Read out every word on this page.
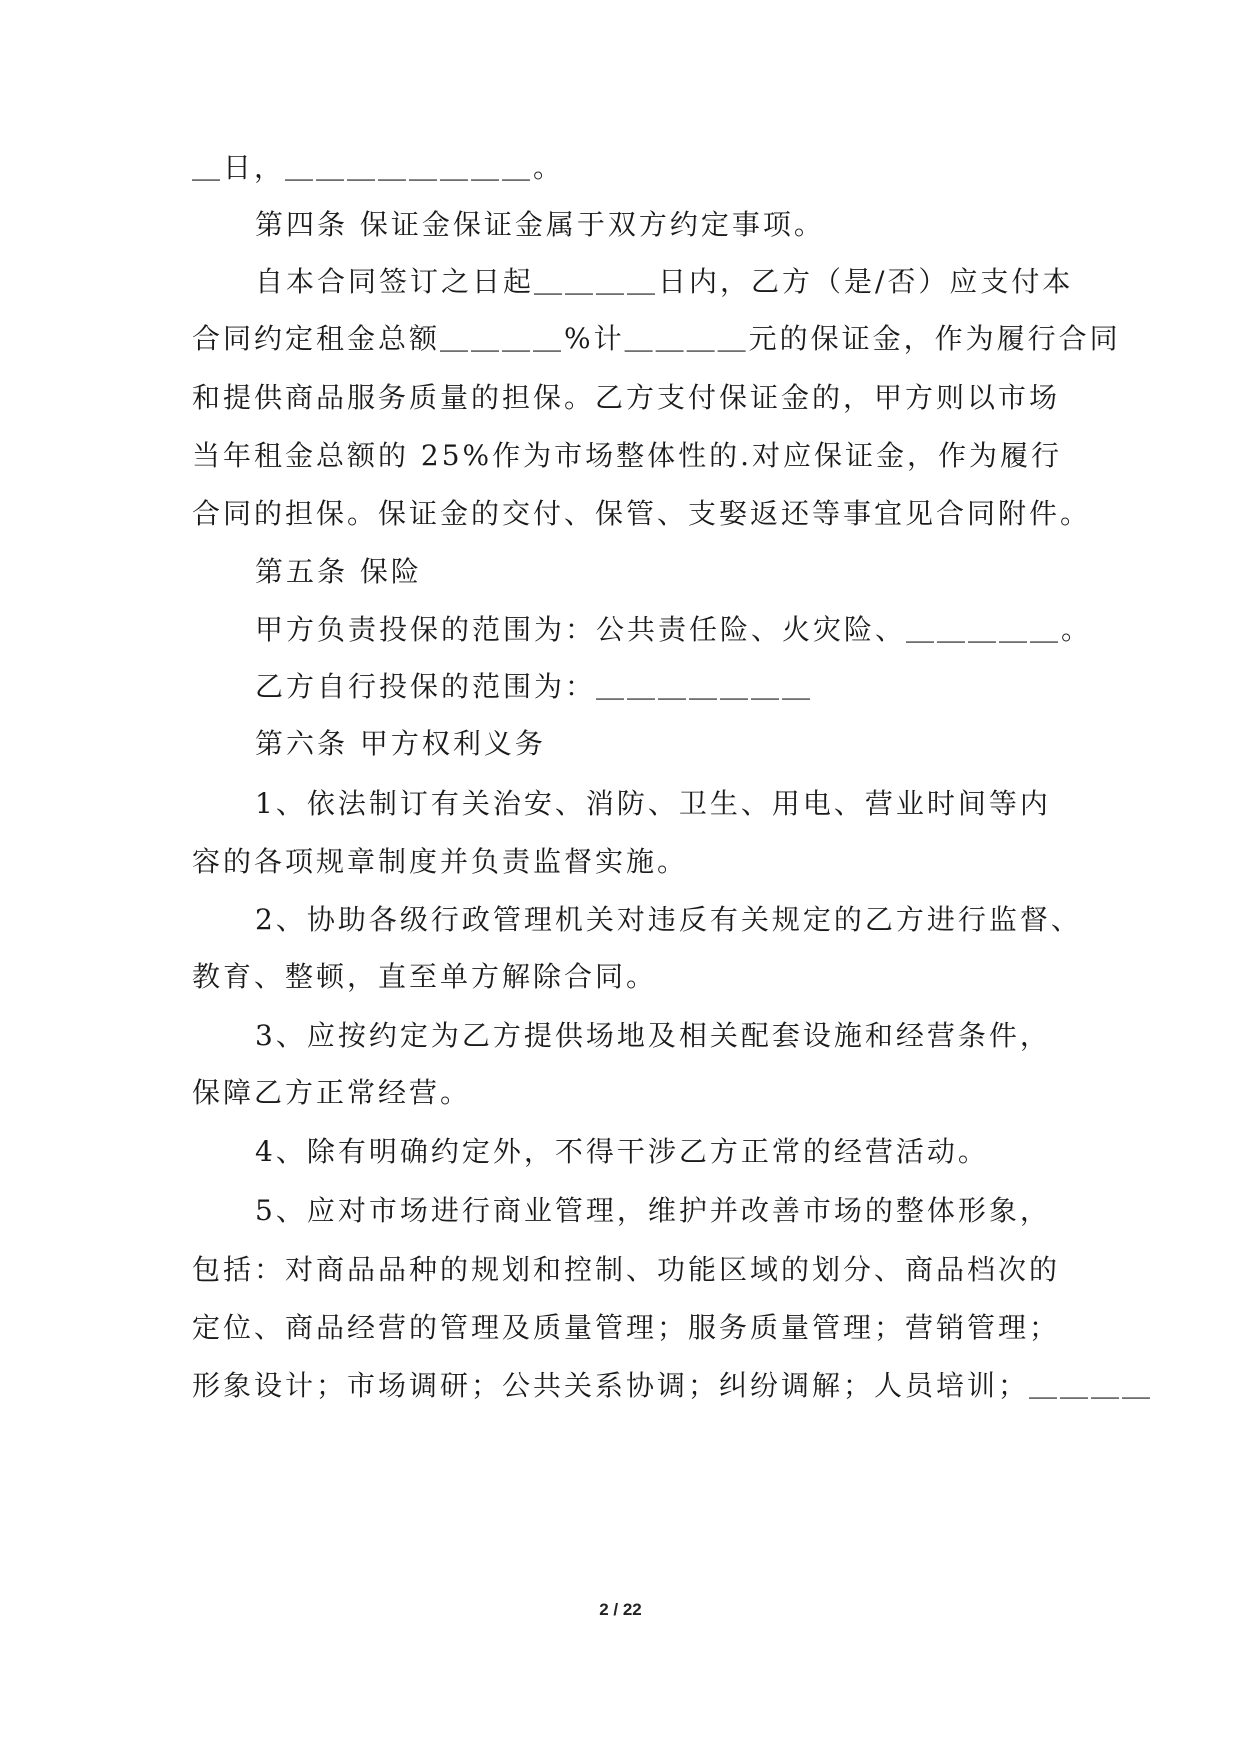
＿日，＿＿＿＿＿＿＿＿。
第四条 保证金保证金属于双方约定事项。
自本合同签订之日起＿＿＿＿日内，乙方（是/否）应支付本
合同约定租金总额＿＿＿＿%计＿＿＿＿元的保证金，作为履行合同
和提供商品服务质量的担保。乙方支付保证金的，甲方则以市场
当年租金总额的 25%作为市场整体性的.对应保证金，作为履行
合同的担保。保证金的交付、保管、支娶返还等事宜见合同附件。
第五条 保险
甲方负责投保的范围为：公共责任险、火灾险、＿＿＿＿＿。
乙方自行投保的范围为：＿＿＿＿＿＿＿
第六条 甲方权利义务
1、依法制订有关治安、消防、卫生、用电、营业时间等内
容的各项规章制度并负责监督实施。
2、协助各级行政管理机关对违反有关规定的乙方进行监督、
教育、整顿，直至单方解除合同。
3、应按约定为乙方提供场地及相关配套设施和经营条件，
保障乙方正常经营。
4、除有明确约定外，不得干涉乙方正常的经营活动。
5、应对市场进行商业管理，维护并改善市场的整体形象，
包括：对商品品种的规划和控制、功能区域的划分、商品档次的
定位、商品经营的管理及质量管理；服务质量管理；营销管理；
形象设计；市场调研；公共关系协调；纠纷调解；人员培训；＿＿＿＿
2 / 22
